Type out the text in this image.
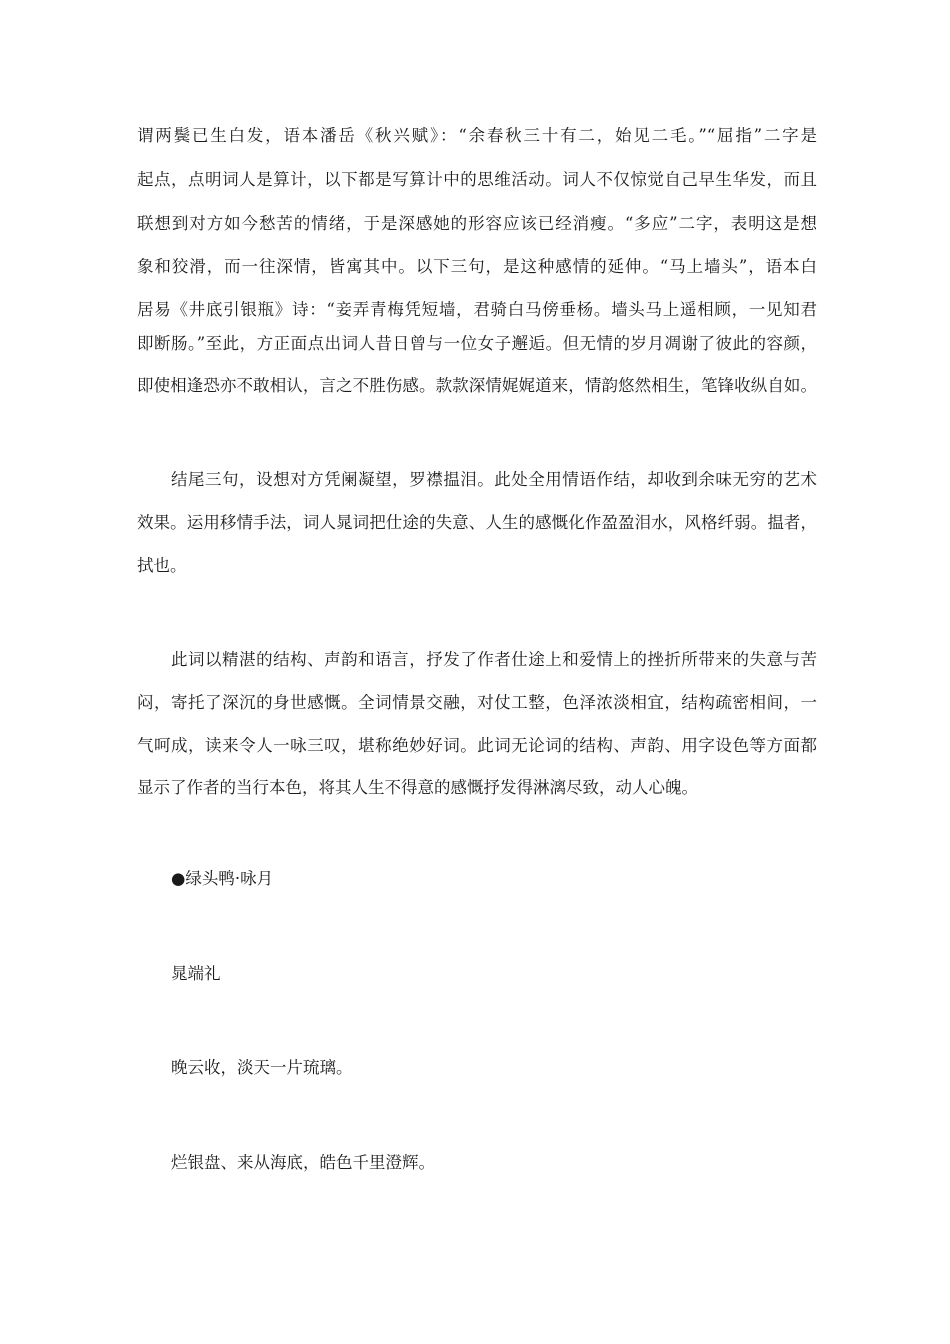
谓两鬓已生白发，语本潘岳《秋兴赋》：“余春秋三十有二，始见二毛。”“屈指”二字是
起点，点明词人是算计，以下都是写算计中的思维活动。词人不仅惊觉自己早生华发，而且
联想到对方如今愁苦的情绪，于是深感她的形容应该已经消瘦。“多应”二字，表明这是想
象和狡滑，而一往深情，皆寓其中。以下三句，是这种感情的延伸。“马上墙头”，语本白
居易《井底引银瓶》诗：“妾弄青梅凭短墙，君骑白马傍垂杨。墙头马上遥相顾，一见知君
即断肠。”至此，方正面点出词人昔日曾与一位女子邂逅。但无情的岁月凋谢了彼此的容颜，
即使相逢恐亦不敢相认，言之不胜伤感。款款深情娓娓道来，情韵悠然相生，笔锋收纵自如。
结尾三句，设想对方凭阑凝望，罗襟揾泪。此处全用情语作结，却收到余味无穷的艺术
效果。运用移情手法，词人晁词把仕途的失意、人生的感慨化作盈盈泪水，风格纤弱。揾者，
拭也。
此词以精湛的结构、声韵和语言，抒发了作者仕途上和爱情上的挫折所带来的失意与苦
闷，寄托了深沉的身世感慨。全词情景交融，对仗工整，色泽浓淡相宜，结构疏密相间，一
气呵成，读来令人一咏三叹，堪称绝妙好词。此词无论词的结构、声韵、用字设色等方面都
显示了作者的当行本色，将其人生不得意的感慨抒发得淋漓尽致，动人心魄。
●绿头鸭·咏月
晁端礼
晚云收，淡天一片琉璃。
烂银盘、来从海底，皓色千里澄辉。
